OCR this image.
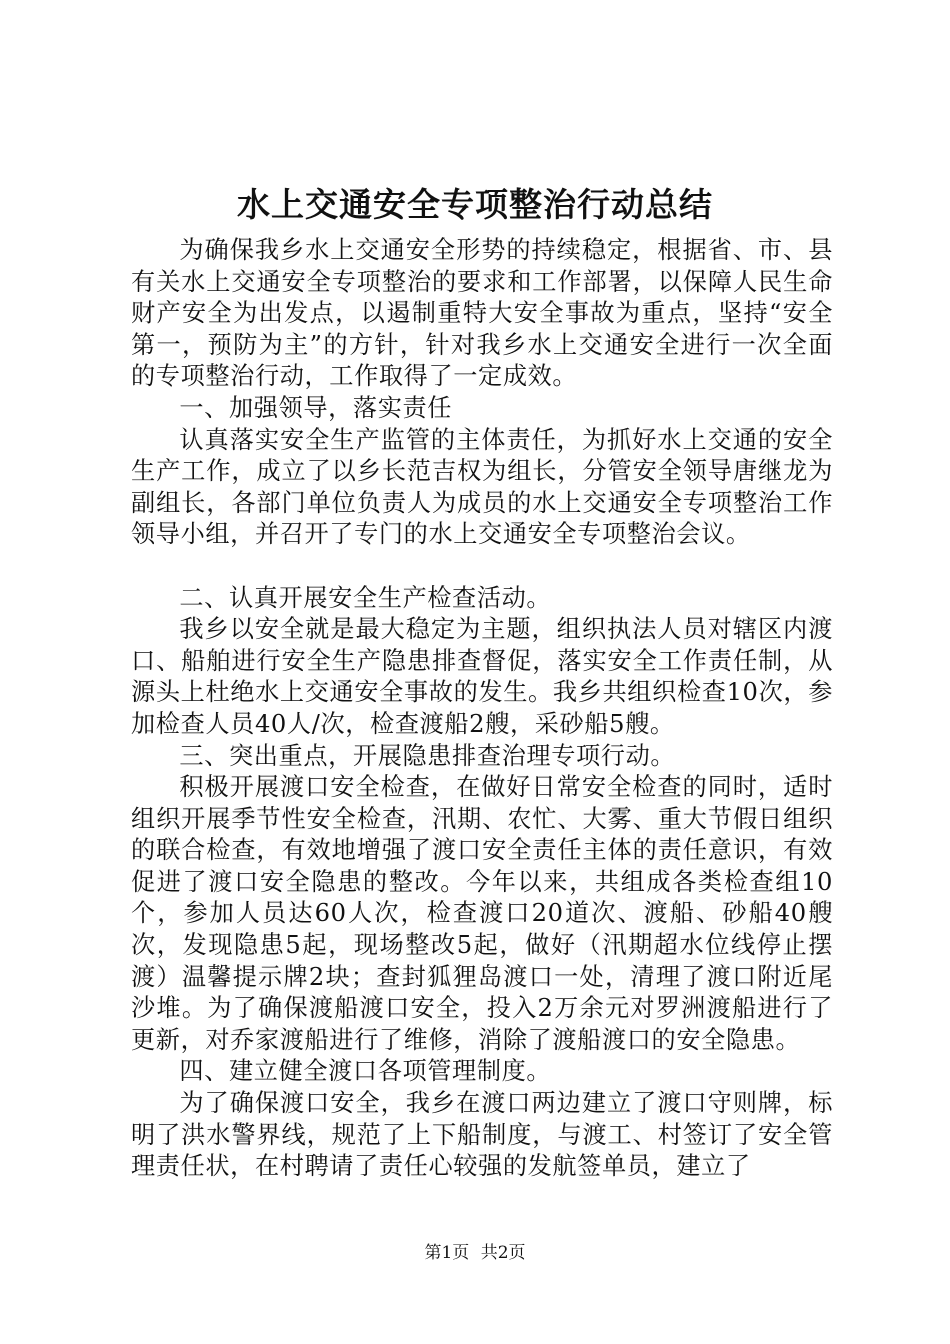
水上交通安全专项整治行动总结

为确保我乡水上交通安全形势的持续稳定，根据省、市、县有关水上交通安全专项整治的要求和工作部署，以保障人民生命财产安全为出发点，以遏制重特大安全事故为重点，坚持“安全第一，预防为主”的方针，针对我乡水上交通安全进行一次全面的专项整治行动，工作取得了一定成效。

一、加强领导，落实责任

认真落实安全生产监管的主体责任，为抓好水上交通的安全生产工作，成立了以乡长范吉权为组长，分管安全领导唐继龙为副组长，各部门单位负责人为成员的水上交通安全专项整治工作领导小组，并召开了专门的水上交通安全专项整治会议。

二、认真开展安全生产检查活动。

我乡以安全就是最大稳定为主题，组织执法人员对辖区内渡口、船舶进行安全生产隐患排查督促，落实安全工作责任制，从源头上杜绝水上交通安全事故的发生。我乡共组织检查10次，参加检查人员40人/次，检查渡船2艘，采砂船5艘。

三、突出重点，开展隐患排查治理专项行动。

积极开展渡口安全检查，在做好日常安全检查的同时，适时组织开展季节性安全检查，汛期、农忙、大雾、重大节假日组织的联合检查，有效地增强了渡口安全责任主体的责任意识，有效促进了渡口安全隐患的整改。今年以来，共组成各类检查组10个，参加人员达60人次，检查渡口20道次、渡船、砂船40艘次，发现隐患5起，现场整改5起，做好（汛期超水位线停止摆渡）温馨提示牌2块；查封狐狸岛渡口一处，清理了渡口附近尾沙堆。为了确保渡船渡口安全，投入2万余元对罗洲渡船进行了更新，对乔家渡船进行了维修，消除了渡船渡口的安全隐患。

四、建立健全渡口各项管理制度。

为了确保渡口安全，我乡在渡口两边建立了渡口守则牌，标明了洪水警界线，规范了上下船制度，与渡工、村签订了安全管理责任状，在村聘请了责任心较强的发航签单员，建立了

第1页 共2页
